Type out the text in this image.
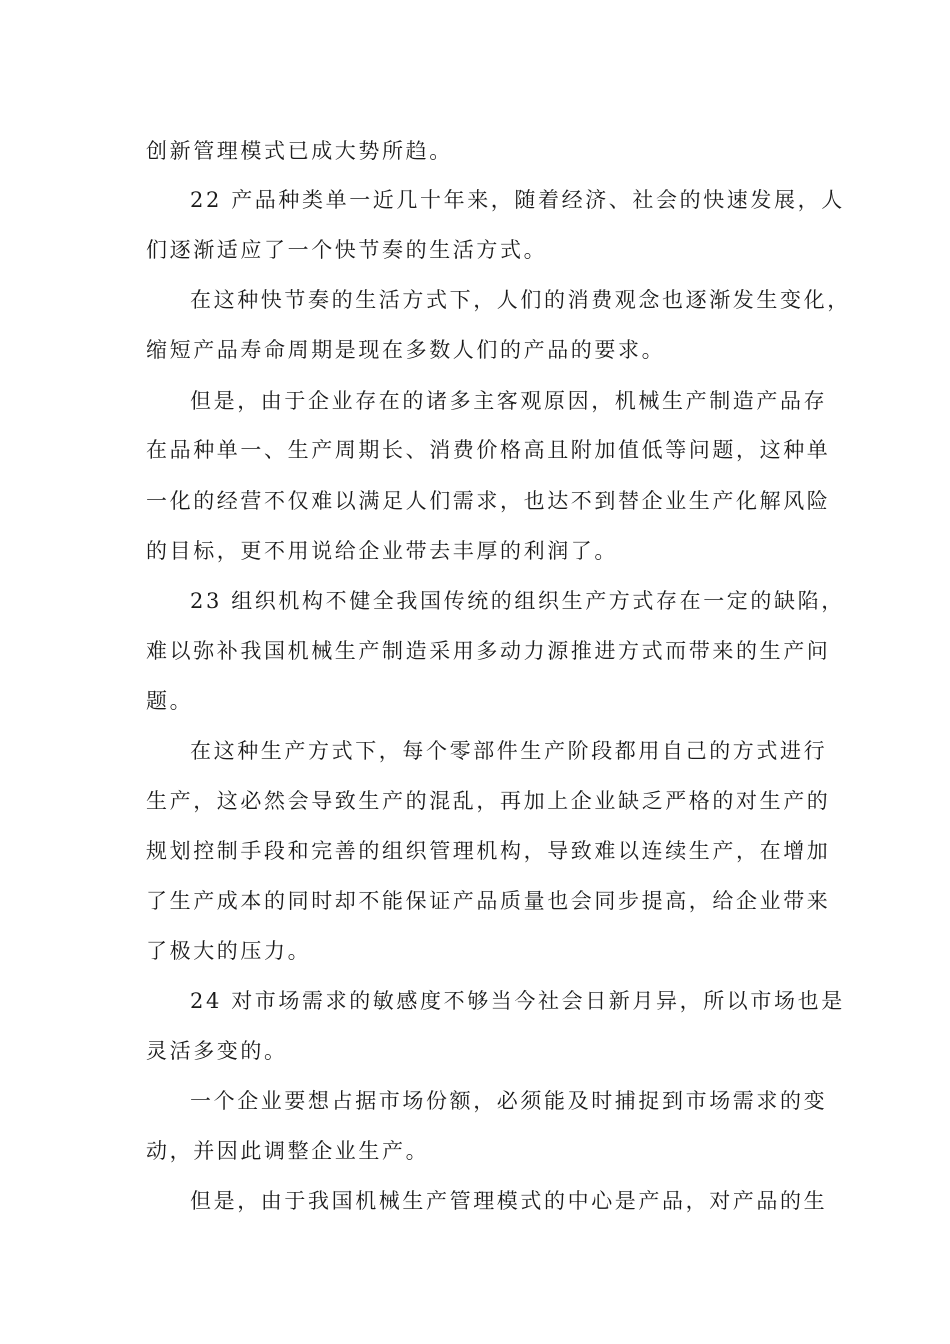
创新管理模式已成大势所趋。
22 产品种类单一近几十年来，随着经济、社会的快速发展，人
们逐渐适应了一个快节奏的生活方式。
在这种快节奏的生活方式下，人们的消费观念也逐渐发生变化，
缩短产品寿命周期是现在多数人们的产品的要求。
但是，由于企业存在的诸多主客观原因，机械生产制造产品存
在品种单一、生产周期长、消费价格高且附加值低等问题，这种单
一化的经营不仅难以满足人们需求，也达不到替企业生产化解风险
的目标，更不用说给企业带去丰厚的利润了。
23 组织机构不健全我国传统的组织生产方式存在一定的缺陷，
难以弥补我国机械生产制造采用多动力源推进方式而带来的生产问
题。
在这种生产方式下，每个零部件生产阶段都用自己的方式进行
生产，这必然会导致生产的混乱，再加上企业缺乏严格的对生产的
规划控制手段和完善的组织管理机构，导致难以连续生产，在增加
了生产成本的同时却不能保证产品质量也会同步提高，给企业带来
了极大的压力。
24 对市场需求的敏感度不够当今社会日新月异，所以市场也是
灵活多变的。
一个企业要想占据市场份额，必须能及时捕捉到市场需求的变
动，并因此调整企业生产。
但是，由于我国机械生产管理模式的中心是产品，对产品的生
